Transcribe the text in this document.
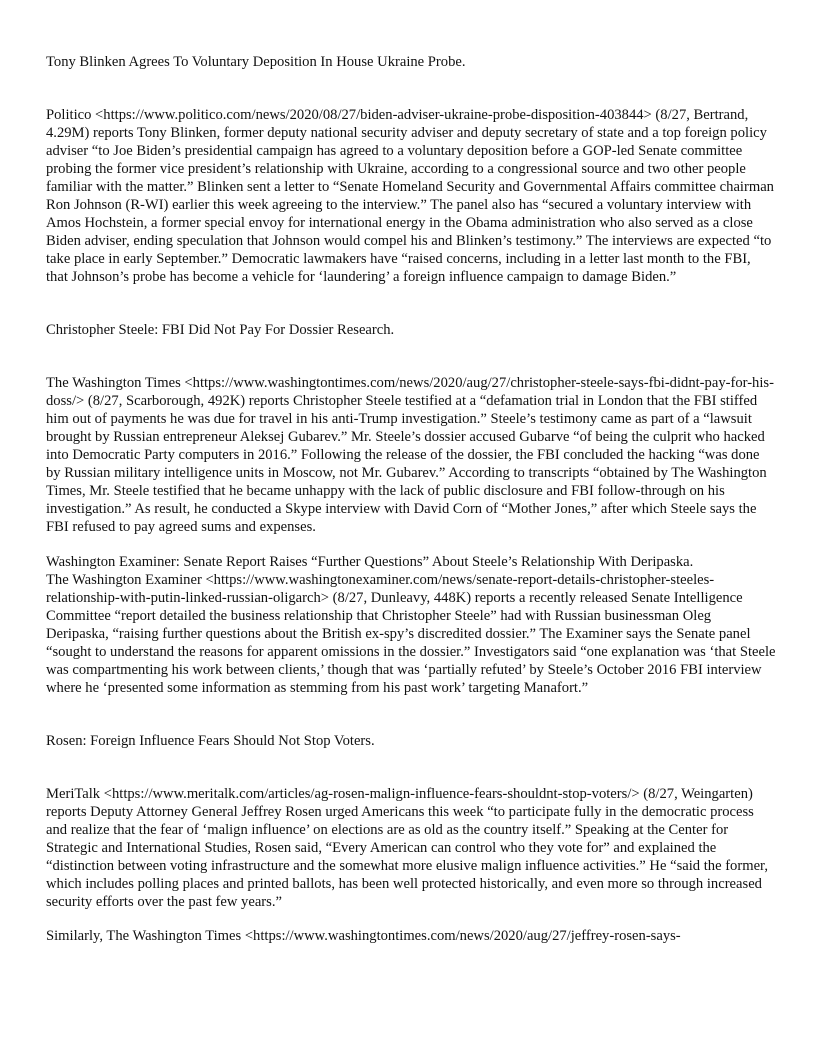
Tony Blinken Agrees To Voluntary Deposition In House Ukraine Probe.

Politico <https://www.politico.com/news/2020/08/27/biden-adviser-ukraine-probe-disposition-403844> (8/27, Bertrand, 4.29M) reports Tony Blinken, former deputy national security adviser and deputy secretary of state and a top foreign policy adviser “to Joe Biden’s presidential campaign has agreed to a voluntary deposition before a GOP-led Senate committee probing the former vice president’s relationship with Ukraine, according to a congressional source and two other people familiar with the matter.” Blinken sent a letter to “Senate Homeland Security and Governmental Affairs committee chairman Ron Johnson (R-WI) earlier this week agreeing to the interview.” The panel also has “secured a voluntary interview with Amos Hochstein, a former special envoy for international energy in the Obama administration who also served as a close Biden adviser, ending speculation that Johnson would compel his and Blinken’s testimony.” The interviews are expected “to take place in early September.” Democratic lawmakers have “raised concerns, including in a letter last month to the FBI, that Johnson’s probe has become a vehicle for ‘laundering’ a foreign influence campaign to damage Biden.”

Christopher Steele: FBI Did Not Pay For Dossier Research.

The Washington Times <https://www.washingtontimes.com/news/2020/aug/27/christopher-steele-says-fbi-didnt-pay-for-his-doss/> (8/27, Scarborough, 492K) reports Christopher Steele testified at a “defamation trial in London that the FBI stiffed him out of payments he was due for travel in his anti-Trump investigation.” Steele’s testimony came as part of a “lawsuit brought by Russian entrepreneur Aleksej Gubarev.” Mr. Steele’s dossier accused Gubarve “of being the culprit who hacked into Democratic Party computers in 2016.” Following the release of the dossier, the FBI concluded the hacking “was done by Russian military intelligence units in Moscow, not Mr. Gubarev.” According to transcripts “obtained by The Washington Times, Mr. Steele testified that he became unhappy with the lack of public disclosure and FBI follow-through on his investigation.” As result, he conducted a Skype interview with David Corn of “Mother Jones,” after which Steele says the FBI refused to pay agreed sums and expenses.

Washington Examiner: Senate Report Raises “Further Questions” About Steele’s Relationship With Deripaska.

The Washington Examiner <https://www.washingtonexaminer.com/news/senate-report-details-christopher-steeles-relationship-with-putin-linked-russian-oligarch> (8/27, Dunleavy, 448K) reports a recently released Senate Intelligence Committee “report detailed the business relationship that Christopher Steele” had with Russian businessman Oleg Deripaska, “raising further questions about the British ex-spy’s discredited dossier.” The Examiner says the Senate panel “sought to understand the reasons for apparent omissions in the dossier.” Investigators said “one explanation was ‘that Steele was compartmenting his work between clients,’ though that was ‘partially refuted’ by Steele’s October 2016 FBI interview where he ‘presented some information as stemming from his past work’ targeting Manafort.”

Rosen: Foreign Influence Fears Should Not Stop Voters.

MeriTalk <https://www.meritalk.com/articles/ag-rosen-malign-influence-fears-shouldnt-stop-voters/> (8/27, Weingarten) reports Deputy Attorney General Jeffrey Rosen urged Americans this week “to participate fully in the democratic process and realize that the fear of ‘malign influence’ on elections are as old as the country itself.” Speaking at the Center for Strategic and International Studies, Rosen said, “Every American can control who they vote for” and explained the “distinction between voting infrastructure and the somewhat more elusive malign influence activities.” He “said the former, which includes polling places and printed ballots, has been well protected historically, and even more so through increased security efforts over the past few years.”

Similarly, The Washington Times <https://www.washingtontimes.com/news/2020/aug/27/jeffrey-rosen-says-
